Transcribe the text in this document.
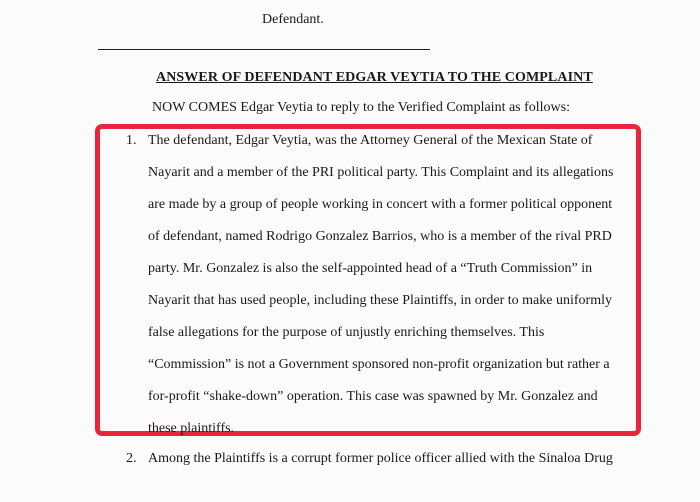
Defendant.
ANSWER OF DEFENDANT EDGAR VEYTIA TO THE COMPLAINT
NOW COMES Edgar Veytia to reply to the Verified Complaint as follows:
1. The defendant, Edgar Veytia, was the Attorney General of the Mexican State of
Nayarit and a member of the PRI political party. This Complaint and its allegations
are made by a group of people working in concert with a former political opponent
of defendant, named Rodrigo Gonzalez Barrios, who is a member of the rival PRD
party. Mr. Gonzalez is also the self-appointed head of a “Truth Commission” in
Nayarit that has used people, including these Plaintiffs, in order to make uniformly
false allegations for the purpose of unjustly enriching themselves. This
“Commission” is not a Government sponsored non-profit organization but rather a
for-profit “shake-down” operation. This case was spawned by Mr. Gonzalez and
these plaintiffs.
2. Among the Plaintiffs is a corrupt former police officer allied with the Sinaloa Drug
